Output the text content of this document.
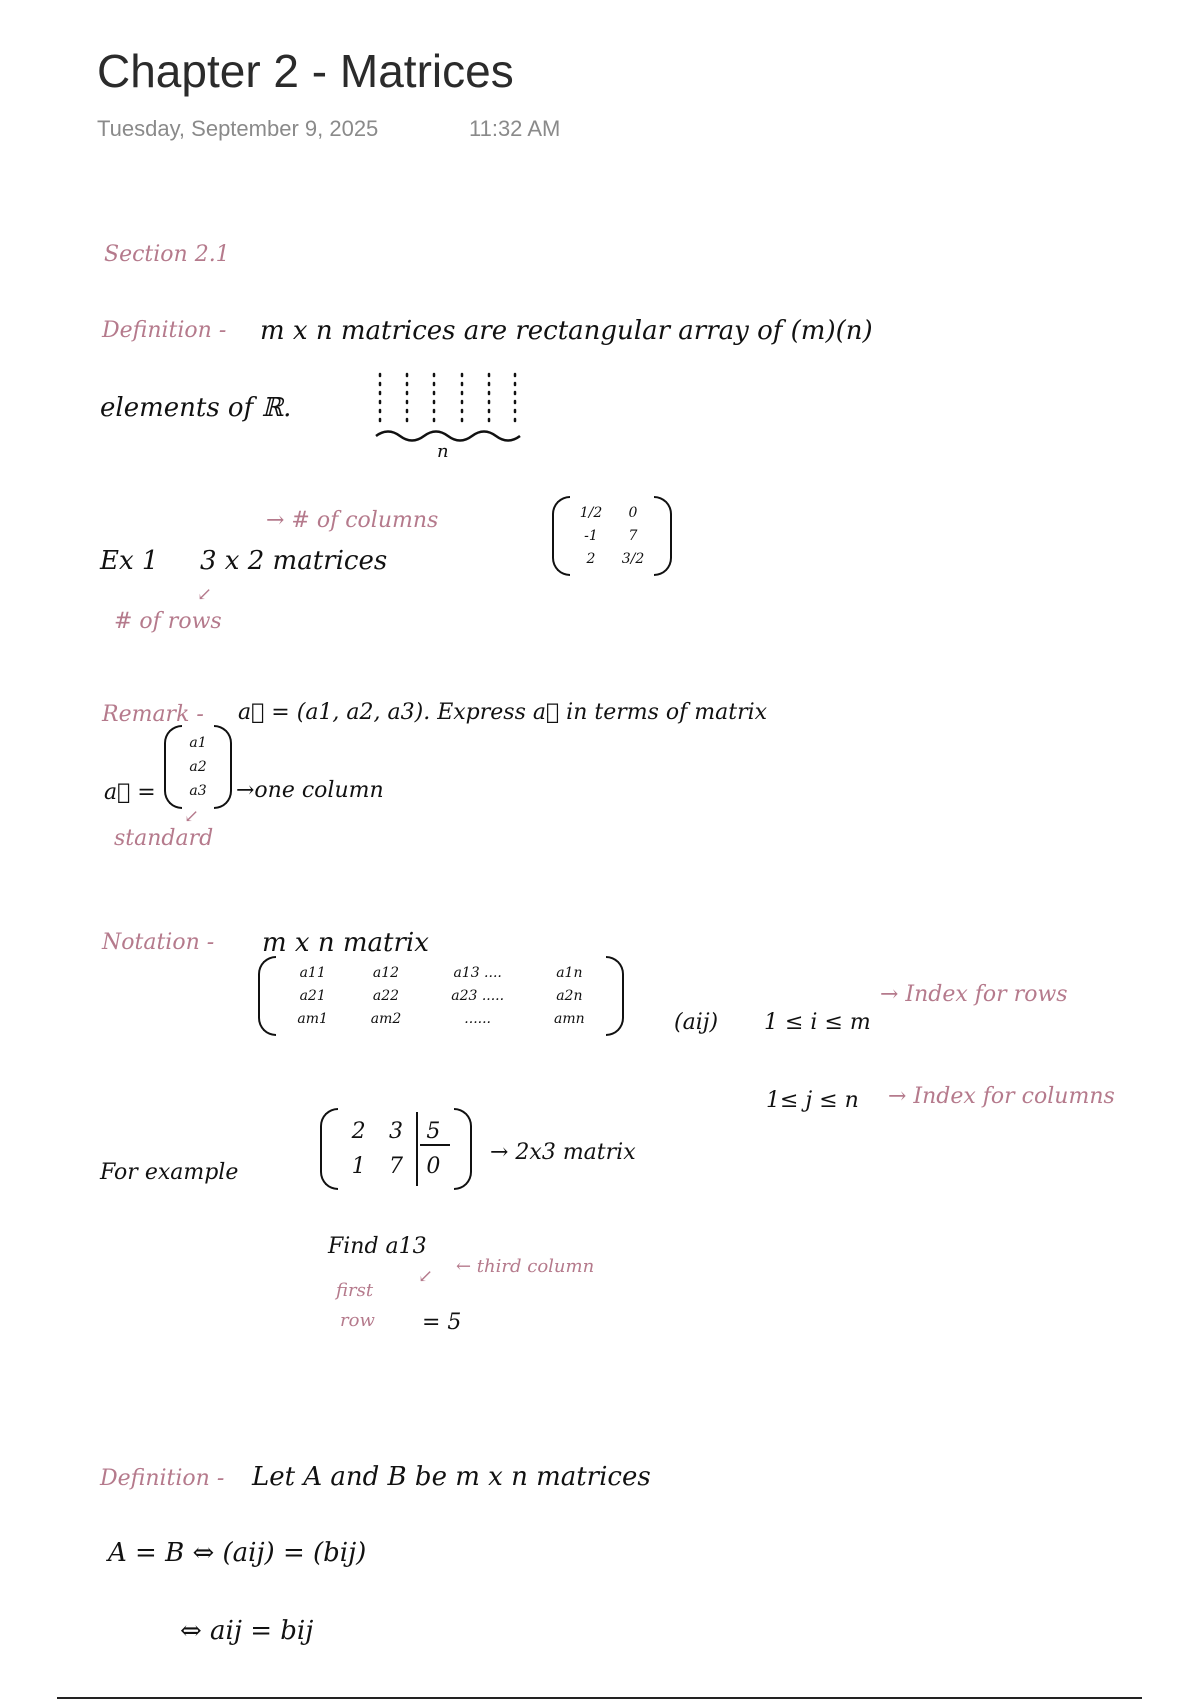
Chapter 2 - Matrices
Tuesday, September 9, 2025	11:32 AM
Section 2.1
Definition - m x n matrices are rectangular array of (m)(n)
elements of ℝ.
n
→ # of columns
Ex 1 3 x 2 matrices
↙
# of rows
1/2	0
-1	7
2	3/2
Remark - a⃗ = (a1, a2, a3). Express a⃗ in terms of matrix
a⃗ =
a1
a2
a3	→one column
↙
standard
Notation - m x n matrix
a11	a12	a13 ....	a1n
a21	a22	a23 .....	a2n
am1	am2	......	amn	(aij) 1 ≤ i ≤ m
→ Index for rows
1≤ j ≤ n → Index for columns
For example
2	3	5
1	7	0
→ 2x3 matrix
Find a13
← third column
↙
first
row = 5
Definition - Let A and B be m x n matrices
A = B ⇔ (aij) = (bij)
⇔ aij = bij
